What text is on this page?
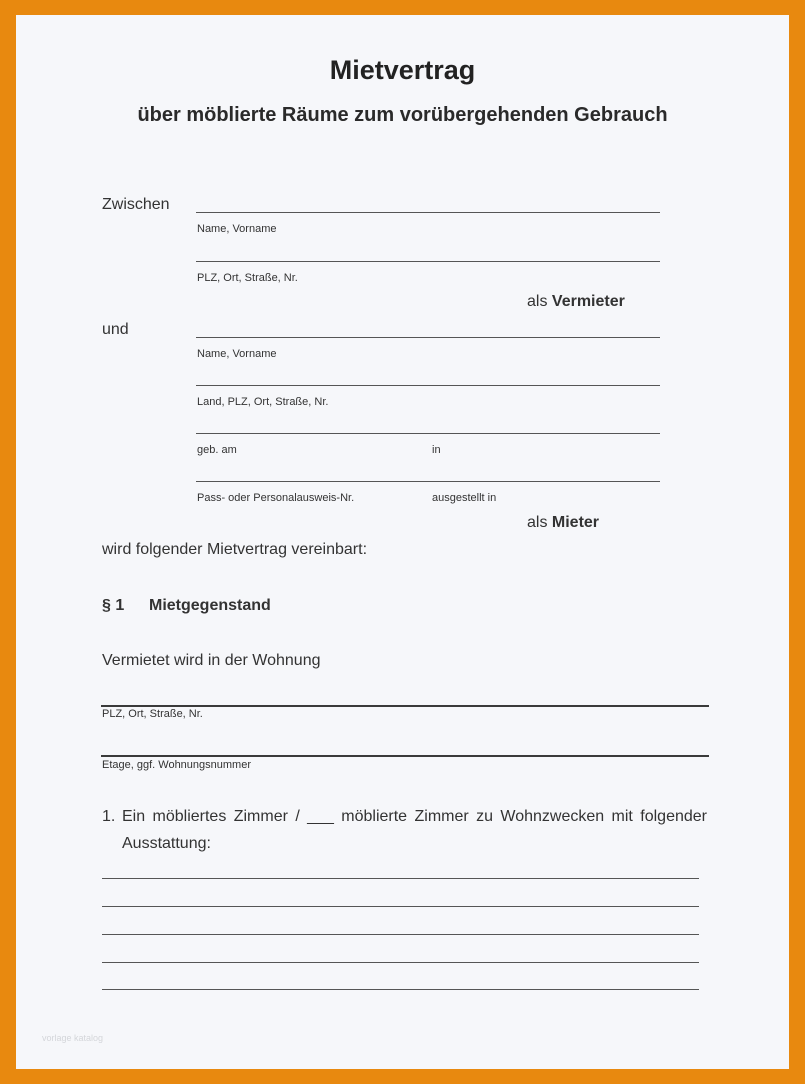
Mietvertrag
über möblierte Räume zum vorübergehenden Gebrauch
Zwischen
Name, Vorname
PLZ, Ort, Straße, Nr.
als Vermieter
und
Name, Vorname
Land, PLZ, Ort, Straße, Nr.
geb. am	in
Pass- oder Personalausweis-Nr.	ausgestellt in
als Mieter
wird folgender Mietvertrag vereinbart:
§ 1 Mietgegenstand
Vermietet wird in der Wohnung
PLZ, Ort, Straße, Nr.
Etage, ggf. Wohnungsnummer
1. Ein möbliertes Zimmer / ___ möblierte Zimmer zu Wohnzwecken mit folgender
Ausstattung:
vorlage katalog
